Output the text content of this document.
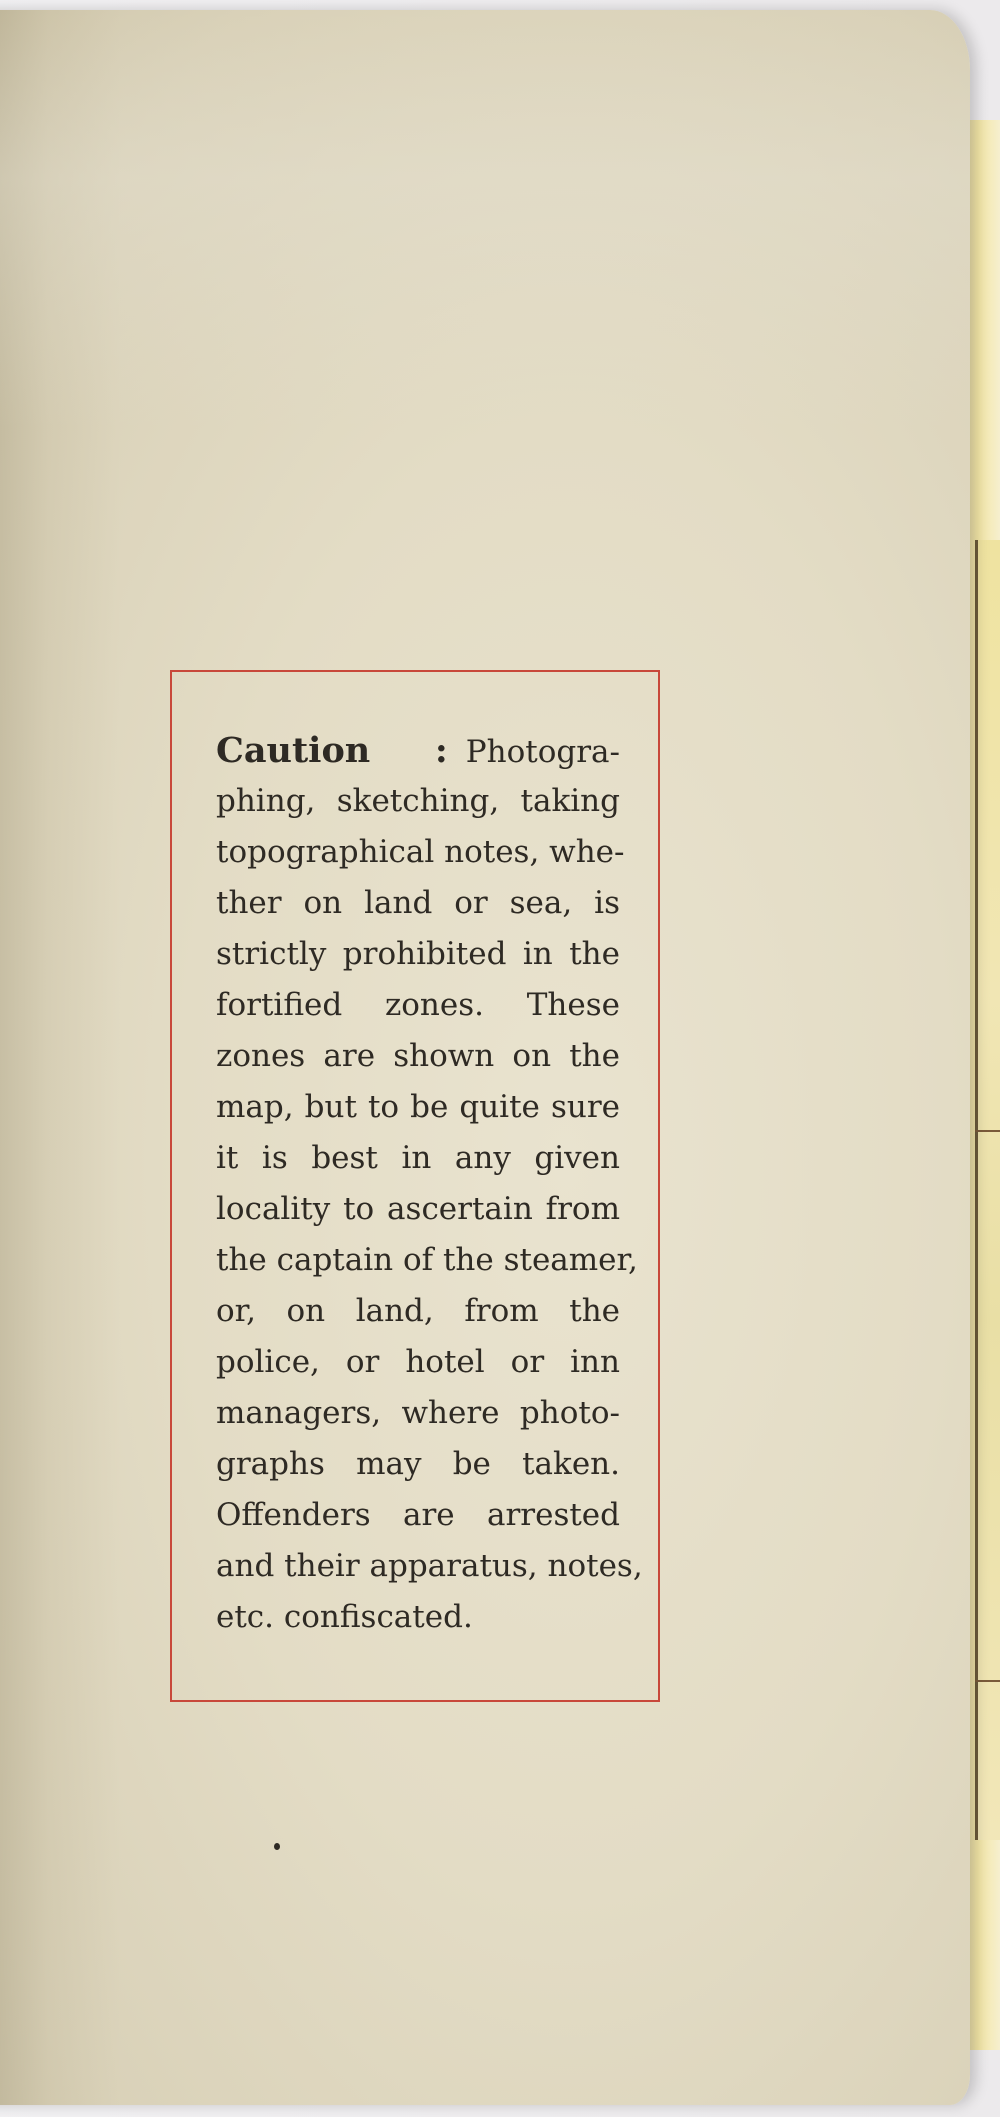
Caution : Photogra-
phing, sketching, taking
topographical notes, whe-
ther on land or sea, is
strictly prohibited in the
fortified zones. These
zones are shown on the
map, but to be quite sure
it is best in any given
locality to ascertain from
the captain of the steamer,
or, on land, from the
police, or hotel or inn
managers, where photo-
graphs may be taken.
Offenders are arrested
and their apparatus, notes,
etc. confiscated.
